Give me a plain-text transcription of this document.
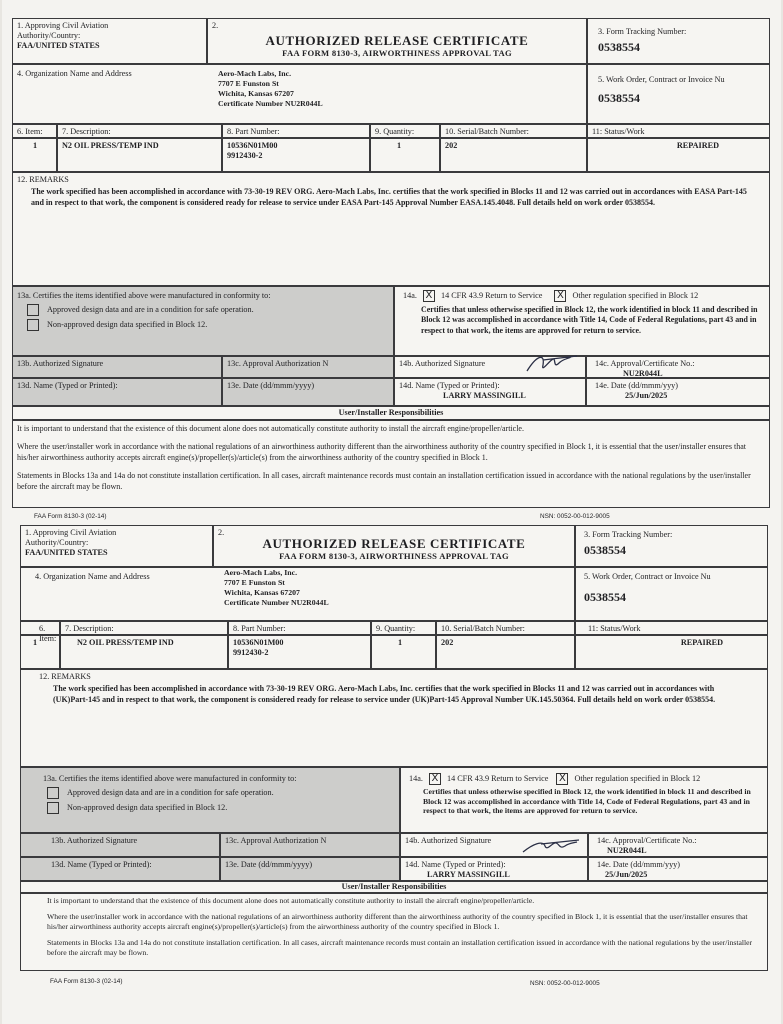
1. Approving Civil Aviation
Authority/Country:
FAA/UNITED STATES
2.
AUTHORIZED RELEASE CERTIFICATE
FAA FORM 8130-3, AIRWORTHINESS APPROVAL TAG
3. Form Tracking Number:
0538554
4. Organization Name and Address	Aero-Mach Labs, Inc.
7707 E Funston St
Wichita, Kansas 67207
Certificate Number NU2R044L
5. Work Order, Contract or Invoice Nu
0538554
6. Item:	7. Description:	8. Part Number:	9. Quantity:	10. Serial/Batch Number:	11: Status/Work
1	N2 OIL PRESS/TEMP IND	10536N01M00
9912430-2
1	202	REPAIRED
12. REMARKS
The work specified has been accomplished in accordance with 73-30-19 REV ORG. Aero-Mach Labs, Inc. certifies that the work specified in Blocks 11 and 12 was carried out in accordances with EASA Part-145 and in respect to that work, the component is considered ready for release to service under EASA Part-145 Approval Number EASA.145.4048. Full details held on work order 0538554.
13a. Certifies the items identified above were manufactured in conformity to:
Approved design data and are in a condition for safe operation.
Non-approved design data specified in Block 12.
14a. X 14 CFR 43.9 Return to Service X Other regulation specified in Block 12
Certifies that unless otherwise specified in Block 12, the work identified in block 11 and described in Block 12 was accomplished in accordance with Title 14, Code of Federal Regulations, part 43 and in respect to that work, the items are approved for return to service.
13b. Authorized Signature	13c. Approval Authorization N	14b. Authorized Signature	14c. Approval/Certificate No.:
NU2R044L
13d. Name (Typed or Printed):	13e. Date (dd/mmm/yyyy)	14d. Name (Typed or Printed):
LARRY MASSINGILL
14e. Date (dd/mmm/yyy)
25/Jun/2025
User/Installer Responsibilities
It is important to understand that the existence of this document alone does not automatically constitute authority to install the aircraft engine/propeller/article.
Where the user/installer work in accordance with the national regulations of an airworthiness authority different than the airworthiness authority of the country specified in Block 1, it is essential that the user/installer ensures that his/her airworthiness authority accepts aircraft engine(s)/propeller(s)/article(s) from the airworthiness authority of the country specified in Block 1.
Statements in Blocks 13a and 14a do not constitute installation certification. In all cases, aircraft maintenance records must contain an installation certification issued in accordance with the national regulations by the user/installer before the aircraft may be flown.
FAA Form 8130-3 (02-14)	NSN: 0052-00-012-9005
1. Approving Civil Aviation
Authority/Country:
FAA/UNITED STATES
2.
AUTHORIZED RELEASE CERTIFICATE
FAA FORM 8130-3, AIRWORTHINESS APPROVAL TAG
3. Form Tracking Number:
0538554
4. Organization Name and Address	Aero-Mach Labs, Inc.
7707 E Funston St
Wichita, Kansas 67207
Certificate Number NU2R044L
5. Work Order, Contract or Invoice Nu
0538554
6. Item:
7. Description:	8. Part Number:	9. Quantity:	10. Serial/Batch Number:	11: Status/Work
1	N2 OIL PRESS/TEMP IND	10536N01M00
9912430-2
1	202	REPAIRED
12. REMARKS
The work specified has been accomplished in accordance with 73-30-19 REV ORG. Aero-Mach Labs, Inc. certifies that the work specified in Blocks 11 and 12 was carried out in accordances with (UK)Part-145 and in respect to that work, the component is considered ready for release to service under (UK)Part-145 Approval Number UK.145.50364. Full details held on work order 0538554.
13a. Certifies the items identified above were manufactured in conformity to:
Approved design data and are in a condition for safe operation.
Non-approved design data specified in Block 12.
14a. X 14 CFR 43.9 Return to Service X Other regulation specified in Block 12
Certifies that unless otherwise specified in Block 12, the work identified in block 11 and described in Block 12 was accomplished in accordance with Title 14, Code of Federal Regulations, part 43 and in respect to that work, the items are approved for return to service.
13b. Authorized Signature	13c. Approval Authorization N	14b. Authorized Signature	14c. Approval/Certificate No.:
NU2R044L
13d. Name (Typed or Printed):	13e. Date (dd/mmm/yyyy)	14d. Name (Typed or Printed):
LARRY MASSINGILL
14e. Date (dd/mmm/yyy)
25/Jun/2025
User/Installer Responsibilities
It is important to understand that the existence of this document alone does not automatically constitute authority to install the aircraft engine/propeller/article.
Where the user/installer work in accordance with the national regulations of an airworthiness authority different than the airworthiness authority of the country specified in Block 1, it is essential that the user/installer ensures that his/her airworthiness authority accepts aircraft engine(s)/propeller(s)/article(s) from the airworthiness authority of the country specified in Block 1.
Statements in Blocks 13a and 14a do not constitute installation certification. In all cases, aircraft maintenance records must contain an installation certification issued in accordance with the national regulations by the user/installer before the aircraft may be flown.
FAA Form 8130-3 (02-14)	NSN: 0052-00-012-9005
